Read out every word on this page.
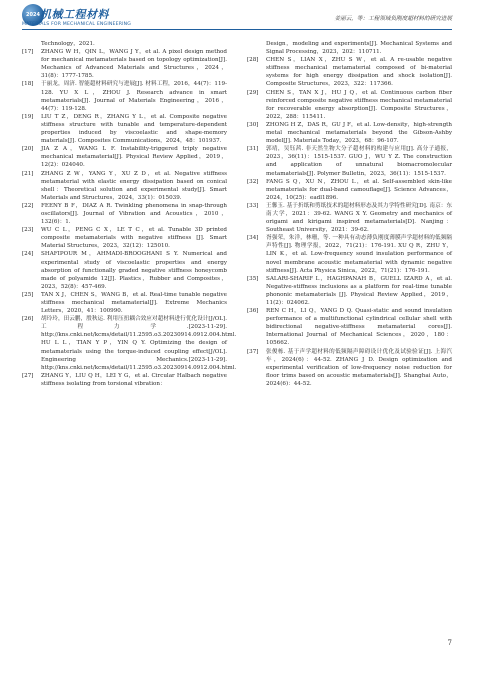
2024 机械工程材料
MATERIALS FOR MECHANICAL ENGINEERING
姜丽云，等：工程领域负刚度超材料的研究进展
Technology，2021.
[17] ZHANG W H，QIN L，WANG J Y，et al. A pixel design method for mechanical metamaterials based on topology optimization[J]. Mechanics of Advanced Materials and Structures，2024，31(8)：1777-1785.
[18] 于丽龙，周济. 智能超材料研究与进展[J]. 材料工程，2016，44(7)：119-128. YU X L，ZHOU J. Research advance in smart metamaterials[J]. Journal of Materials Engineering，2016，44(7)：119-128.
[19] LIU T Z，DENG R，ZHANG Y L，et al. Composite negative stiffness structure with tunable and temperature-dependent properties induced by viscoelastic and shape-memory materials[J]. Composites Communications，2024，48：101937.
[20] JIA Z A，WANG L F. Instability-triggered triply negative mechanical metamaterial[J]. Physical Review Applied，2019，12(2)：024040.
[21] ZHANG Z W，YANG Y，XU Z D，et al. Negative stiffness metamaterial with elastic energy dissipation based on conical shell：Theoretical solution and experimental study[J]. Smart Materials and Structures，2024，33(1)：015039.
[22] FEENY B F，DIAZ A R. Twinkling phenomena in snap-through oscillators[J]. Journal of Vibration and Acoustics，2010，132(6)：1.
[23] WU C L，PENG C X，LE T C，et al. Tunable 3D printed composite metamaterials with negative stiffness [J]. Smart Material Structures，2023，32(12)：125010.
[24] SHAFIPOUR M，AHMADI-BROOGHANI S Y. Numerical and experimental study of viscoelastic properties and energy absorption of functionally graded negative stiffness honeycomb made of polyamide 12[J]. Plastics，Rubber and Composites，2023，52(8)：457-469.
[25] TAN X J，CHEN S，WANG B，et al. Real-time tunable negative stiffness mechanical metamaterial[J]. Extreme Mechanics Letters，2020，41：100990.
[26] 胡玲玲，田云鹏，殷秋运. 利用压扭耦合效应对超材料进行优化设计[J/OL]. 工程力学.[2023-11-29]. http://kns.cnki.net/kcms/detail/11.2595.o3.20230914.0912.004.html. HU L L，TIAN Y P，YIN Q Y. Optimizing the design of metamaterials using the torque-induced coupling effect[J/OL]. Engineering Mechanics.[2023-11-29]. http://kns.cnki.net/kcms/detail/11.2595.o3.20230914.0912.004.html.
[27] ZHANG Y，LIU Q H，LEI Y G，et al. Circular Halbach negative stiffness isolating from torsional vibration：
Design，modeling and experiments[J]. Mechanical Systems and Signal Processing，2023，202：110711.
[28] CHEN S，LIAN X，ZHU S W，et al. A re-usable negative stiffness mechanical metamaterial composed of bi-material systems for high energy dissipation and shock isolation[J]. Composite Structures，2023，322：117366.
[29] CHEN S，TAN X J，HU J Q，et al. Continuous carbon fiber reinforced composite negative stiffness mechanical metamaterial for recoverable energy absorption[J]. Composite Structures，2022，288：115411.
[30] ZHONG H Z，DAS R，GU J F，et al. Low-density，high-strength metal mechanical metamaterials beyond the Gibson-Ashby model[J]. Materials Today，2023，68：96-107.
[31] 郭靖，吴钰茜. 非天然生物大分子超材料的构建与应用[J]. 高分子通报，2023，36(11)：1515-1537. GUO J，WU Y Z. The construction and application of unnatural biomacromolecular metamaterials[J]. Polymer Bulletin，2023，36(11)：1515-1537.
[32] FANG S Q，XU N，ZHOU L，et al. Self-assembled skin-like metamaterials for dual-band camouflage[J]. Science Advances，2024，10(25)：eadl1896.
[33] 王馨玉. 基于折纸和剪纸技术的超材料形态及其力学特性研究[D]. 南京：东南大学，2021：39-62. WANG X Y. Geometry and mechanics of origami and kirigami inspired metamaterials[D]. Nanjing：Southeast University，2021：39-62.
[34] 胥强荣，朱洋，林珊，等. 一种具有动态薄负刚度薄膜声学超材料的低频隔声特性[J]. 物理学报，2022，71(21)：176-191. XU Q R，ZHU Y，LIN K，et al. Low-frequency sound insulation performance of novel membrane acoustic metamaterial with dynamic negative stiffness[J]. Acta Physica Sinica，2022，71(21)：176-191.
[35] SALARI-SHARIF L，HAGHPANAH B，GUELL IZARD A，et al. Negative-stiffness inclusions as a platform for real-time tunable phononic metamaterials [J]. Physical Review Applied，2019，11(2)：024062.
[36] REN C H，LI Q，YANG D Q. Quasi-static and sound insulation performance of a multifunctional cylindrical cellular shell with bidirectional negative-stiffness metamaterial cores[J]. International Journal of Mechanical Sciences，2020，180：105662.
[37] 张俊栋. 基于声学超材料的低频隔声障碍设计优化及试验验证[J]. 上海汽车，2024(6)：44-52. ZHANG J D. Design optimization and experimental verification of low-frequency noise reduction for floor trims based on acoustic metamaterials[J]. Shanghai Auto，2024(6)：44-52.
7
